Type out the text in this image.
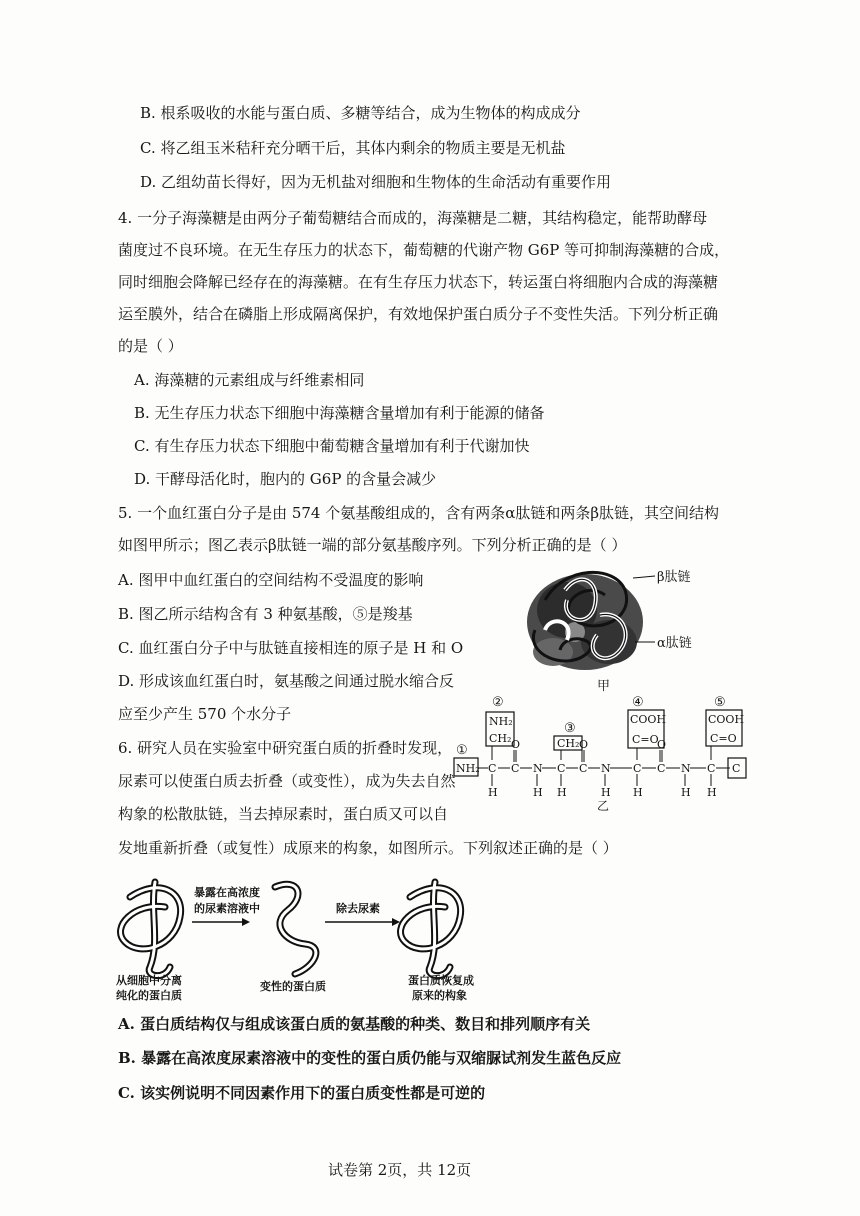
B. 根系吸收的水能与蛋白质、多糖等结合，成为生物体的构成成分
C. 将乙组玉米秸秆充分晒干后，其体内剩余的物质主要是无机盐
D. 乙组幼苗长得好，因为无机盐对细胞和生物体的生命活动有重要作用
4. 一分子海藻糖是由两分子葡萄糖结合而成的，海藻糖是二糖，其结构稳定，能帮助酵母
菌度过不良环境。在无生存压力的状态下，葡萄糖的代谢产物 G6P 等可抑制海藻糖的合成，
同时细胞会降解已经存在的海藻糖。在有生存压力状态下，转运蛋白将细胞内合成的海藻糖
运至膜外，结合在磷脂上形成隔离保护，有效地保护蛋白质分子不变性失活。下列分析正确
的是（ ）
A. 海藻糖的元素组成与纤维素相同
B. 无生存压力状态下细胞中海藻糖含量增加有利于能源的储备
C. 有生存压力状态下细胞中葡萄糖含量增加有利于代谢加快
D. 干酵母活化时，胞内的 G6P 的含量会减少
5. 一个血红蛋白分子是由 574 个氨基酸组成的，含有两条α肽链和两条β肽链，其空间结构
如图甲所示；图乙表示β肽链一端的部分氨基酸序列。下列分析正确的是（ ）
A. 图甲中血红蛋白的空间结构不受温度的影响
B. 图乙所示结构含有 3 种氨基酸，⑤是羧基
C. 血红蛋白分子中与肽链直接相连的原子是 H 和 O
D. 形成该血红蛋白时，氨基酸之间通过脱水缩合反
应至少产生 570 个水分子
β肽链
α肽链
甲
①
②
③
④	⑤
NH₂
NH₂
CH₂	CH₂
COOH
C=O
COOH
C=O
C C
O
N C C
O
N C C
O
N C C
H	H H	H H	H H
乙
6. 研究人员在实验室中研究蛋白质的折叠时发现，
尿素可以使蛋白质去折叠（或变性），成为失去自然
构象的松散肽链，当去掉尿素时，蛋白质又可以自
发地重新折叠（或复性）成原来的构象，如图所示。下列叙述正确的是（ ）
暴露在高浓度
的尿素溶液中	除去尿素
从细胞中分离
纯化的蛋白质
变性的蛋白质	蛋白质恢复成
原来的构象
A. 蛋白质结构仅与组成该蛋白质的氨基酸的种类、数目和排列顺序有关
B. 暴露在高浓度尿素溶液中的变性的蛋白质仍能与双缩脲试剂发生蓝色反应
C. 该实例说明不同因素作用下的蛋白质变性都是可逆的
试卷第 2页，共 12页
